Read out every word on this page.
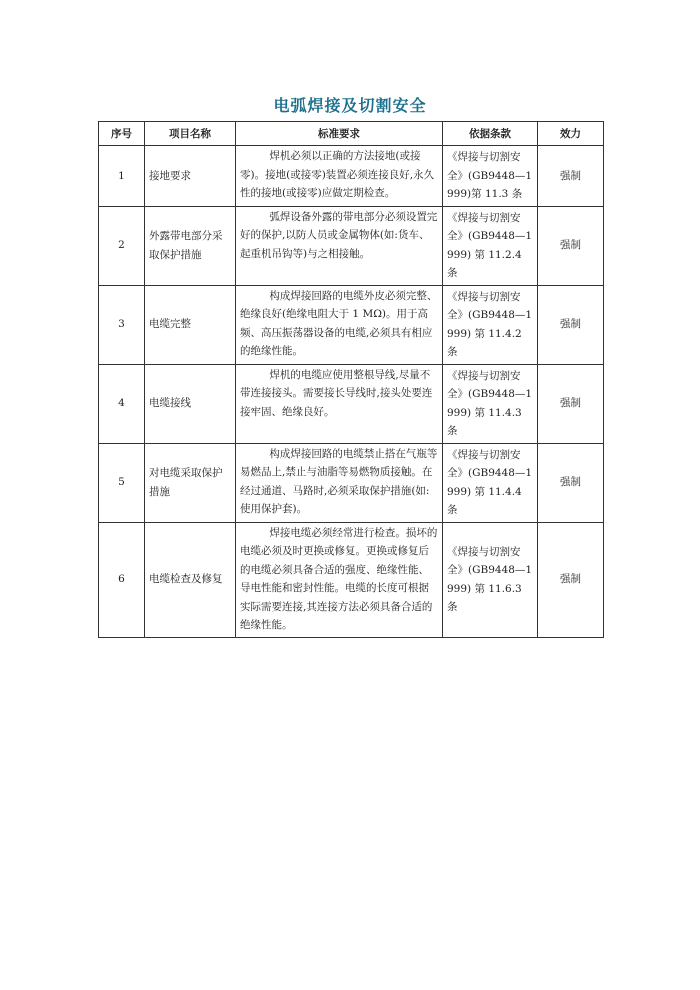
电弧焊接及切割安全
序号	项目名称	标准要求	依据条款	效力
1	接地要求	焊机必须以正确的方法接地(或接零)。接地(或接零)装置必须连接良好,永久性的接地(或接零)应做定期检查。	《焊接与切割安全》(GB9448—1999)第 11.3 条	强制
2	外露带电部分采取保护措施	弧焊设备外露的带电部分必须设置完好的保护,以防人员或金属物体(如:货车、起重机吊钩等)与之相接触。	《焊接与切割安全》(GB9448—1999) 第 11.2.4 条	强制
3	电缆完整	构成焊接回路的电缆外皮必须完整、绝缘良好(绝缘电阻大于 1 MΩ)。用于高频、高压振荡器设备的电缆,必须具有相应的绝缘性能。	《焊接与切割安全》(GB9448—1999) 第 11.4.2 条	强制
4	电缆接线	焊机的电缆应使用整根导线,尽量不带连接接头。需要接长导线时,接头处要连接牢固、绝缘良好。	《焊接与切割安全》(GB9448—1999) 第 11.4.3 条	强制
5	对电缆采取保护措施	构成焊接回路的电缆禁止搭在气瓶等易燃品上,禁止与油脂等易燃物质接触。在经过通道、马路时,必须采取保护措施(如:使用保护套)。	《焊接与切割安全》(GB9448—1999) 第 11.4.4 条	强制
6	电缆检查及修复	焊接电缆必须经常进行检查。损坏的电缆必须及时更换或修复。更换或修复后的电缆必须具备合适的强度、绝缘性能、导电性能和密封性能。电缆的长度可根据实际需要连接,其连接方法必须具备合适的绝缘性能。	《焊接与切割安全》(GB9448—1999) 第 11.6.3 条	强制
